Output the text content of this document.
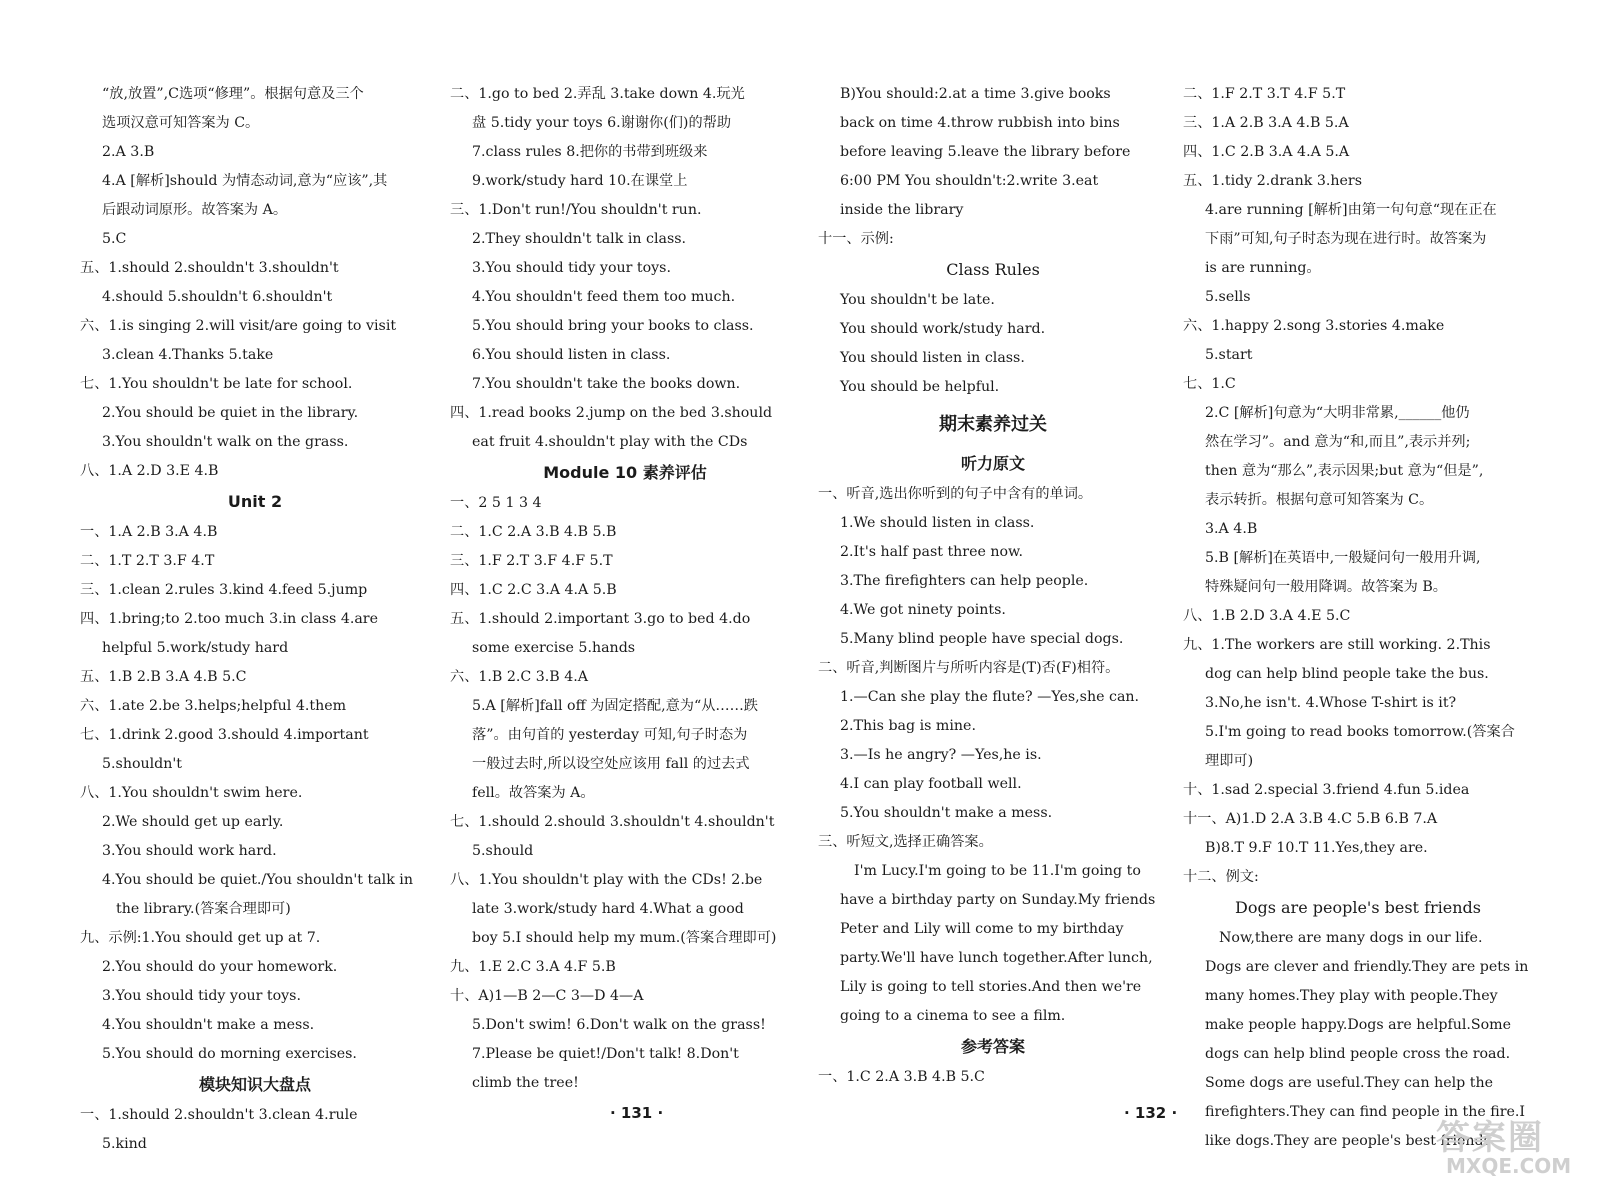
“放,放置”,C选项“修理”。根据句意及三个
选项汉意可知答案为 C。
2.A 3.B
4.A [解析]should 为情态动词,意为“应该”,其
后跟动词原形。故答案为 A。
5.C
五、1.should 2.shouldn't 3.shouldn't
4.should 5.shouldn't 6.shouldn't
六、1.is singing 2.will visit/are going to visit
3.clean 4.Thanks 5.take
七、1.You shouldn't be late for school.
2.You should be quiet in the library.
3.You shouldn't walk on the grass.
八、1.A 2.D 3.E 4.B
Unit 2
一、1.A 2.B 3.A 4.B
二、1.T 2.T 3.F 4.T
三、1.clean 2.rules 3.kind 4.feed 5.jump
四、1.bring;to 2.too much 3.in class 4.are
helpful 5.work/study hard
五、1.B 2.B 3.A 4.B 5.C
六、1.ate 2.be 3.helps;helpful 4.them
七、1.drink 2.good 3.should 4.important
5.shouldn't
八、1.You shouldn't swim here.
2.We should get up early.
3.You should work hard.
4.You should be quiet./You shouldn't talk in
the library.(答案合理即可)
九、示例:1.You should get up at 7.
2.You should do your homework.
3.You should tidy your toys.
4.You shouldn't make a mess.
5.You should do morning exercises.
模块知识大盘点
一、1.should 2.shouldn't 3.clean 4.rule
5.kind
二、1.go to bed 2.弄乱 3.take down 4.玩光
盘 5.tidy your toys 6.谢谢你(们)的帮助
7.class rules 8.把你的书带到班级来
9.work/study hard 10.在课堂上
三、1.Don't run!/You shouldn't run.
2.They shouldn't talk in class.
3.You should tidy your toys.
4.You shouldn't feed them too much.
5.You should bring your books to class.
6.You should listen in class.
7.You shouldn't take the books down.
四、1.read books 2.jump on the bed 3.should
eat fruit 4.shouldn't play with the CDs
Module 10 素养评估
一、2 5 1 3 4
二、1.C 2.A 3.B 4.B 5.B
三、1.F 2.T 3.F 4.F 5.T
四、1.C 2.C 3.A 4.A 5.B
五、1.should 2.important 3.go to bed 4.do
some exercise 5.hands
六、1.B 2.C 3.B 4.A
5.A [解析]fall off 为固定搭配,意为“从……跌
落”。由句首的 yesterday 可知,句子时态为
一般过去时,所以设空处应该用 fall 的过去式
fell。故答案为 A。
七、1.should 2.should 3.shouldn't 4.shouldn't
5.should
八、1.You shouldn't play with the CDs! 2.be
late 3.work/study hard 4.What a good
boy 5.I should help my mum.(答案合理即可)
九、1.E 2.C 3.A 4.F 5.B
十、A)1—B 2—C 3—D 4—A
5.Don't swim! 6.Don't walk on the grass!
7.Please be quiet!/Don't talk! 8.Don't
climb the tree!
B)You should:2.at a time 3.give books
back on time 4.throw rubbish into bins
before leaving 5.leave the library before
6:00 PM You shouldn't:2.write 3.eat
inside the library
十一、示例:
Class Rules
You shouldn't be late.
You should work/study hard.
You should listen in class.
You should be helpful.
期末素养过关
听力原文
一、听音,选出你听到的句子中含有的单词。
1.We should listen in class.
2.It's half past three now.
3.The firefighters can help people.
4.We got ninety points.
5.Many blind people have special dogs.
二、听音,判断图片与所听内容是(T)否(F)相符。
1.—Can she play the flute? —Yes,she can.
2.This bag is mine.
3.—Is he angry? —Yes,he is.
4.I can play football well.
5.You shouldn't make a mess.
三、听短文,选择正确答案。
I'm Lucy.I'm going to be 11.I'm going to
have a birthday party on Sunday.My friends
Peter and Lily will come to my birthday
party.We'll have lunch together.After lunch,
Lily is going to tell stories.And then we're
going to a cinema to see a film.
参考答案
一、1.C 2.A 3.B 4.B 5.C
二、1.F 2.T 3.T 4.F 5.T
三、1.A 2.B 3.A 4.B 5.A
四、1.C 2.B 3.A 4.A 5.A
五、1.tidy 2.drank 3.hers
4.are running [解析]由第一句句意“现在正在
下雨”可知,句子时态为现在进行时。故答案为
is are running。
5.sells
六、1.happy 2.song 3.stories 4.make
5.start
七、1.C
2.C [解析]句意为“大明非常累,______他仍
然在学习”。and 意为“和,而且”,表示并列;
then 意为“那么”,表示因果;but 意为“但是”,
表示转折。根据句意可知答案为 C。
3.A 4.B
5.B [解析]在英语中,一般疑问句一般用升调,
特殊疑问句一般用降调。故答案为 B。
八、1.B 2.D 3.A 4.E 5.C
九、1.The workers are still working. 2.This
dog can help blind people take the bus.
3.No,he isn't. 4.Whose T-shirt is it?
5.I'm going to read books tomorrow.(答案合
理即可)
十、1.sad 2.special 3.friend 4.fun 5.idea
十一、A)1.D 2.A 3.B 4.C 5.B 6.B 7.A
B)8.T 9.F 10.T 11.Yes,they are.
十二、例文:
Dogs are people's best friends
Now,there are many dogs in our life.
Dogs are clever and friendly.They are pets in
many homes.They play with people.They
make people happy.Dogs are helpful.Some
dogs can help blind people cross the road.
Some dogs are useful.They can help the
firefighters.They can find people in the fire.I
like dogs.They are people's best friends.
· 131 ·	· 132 ·
答案圈
MXQE.COM
